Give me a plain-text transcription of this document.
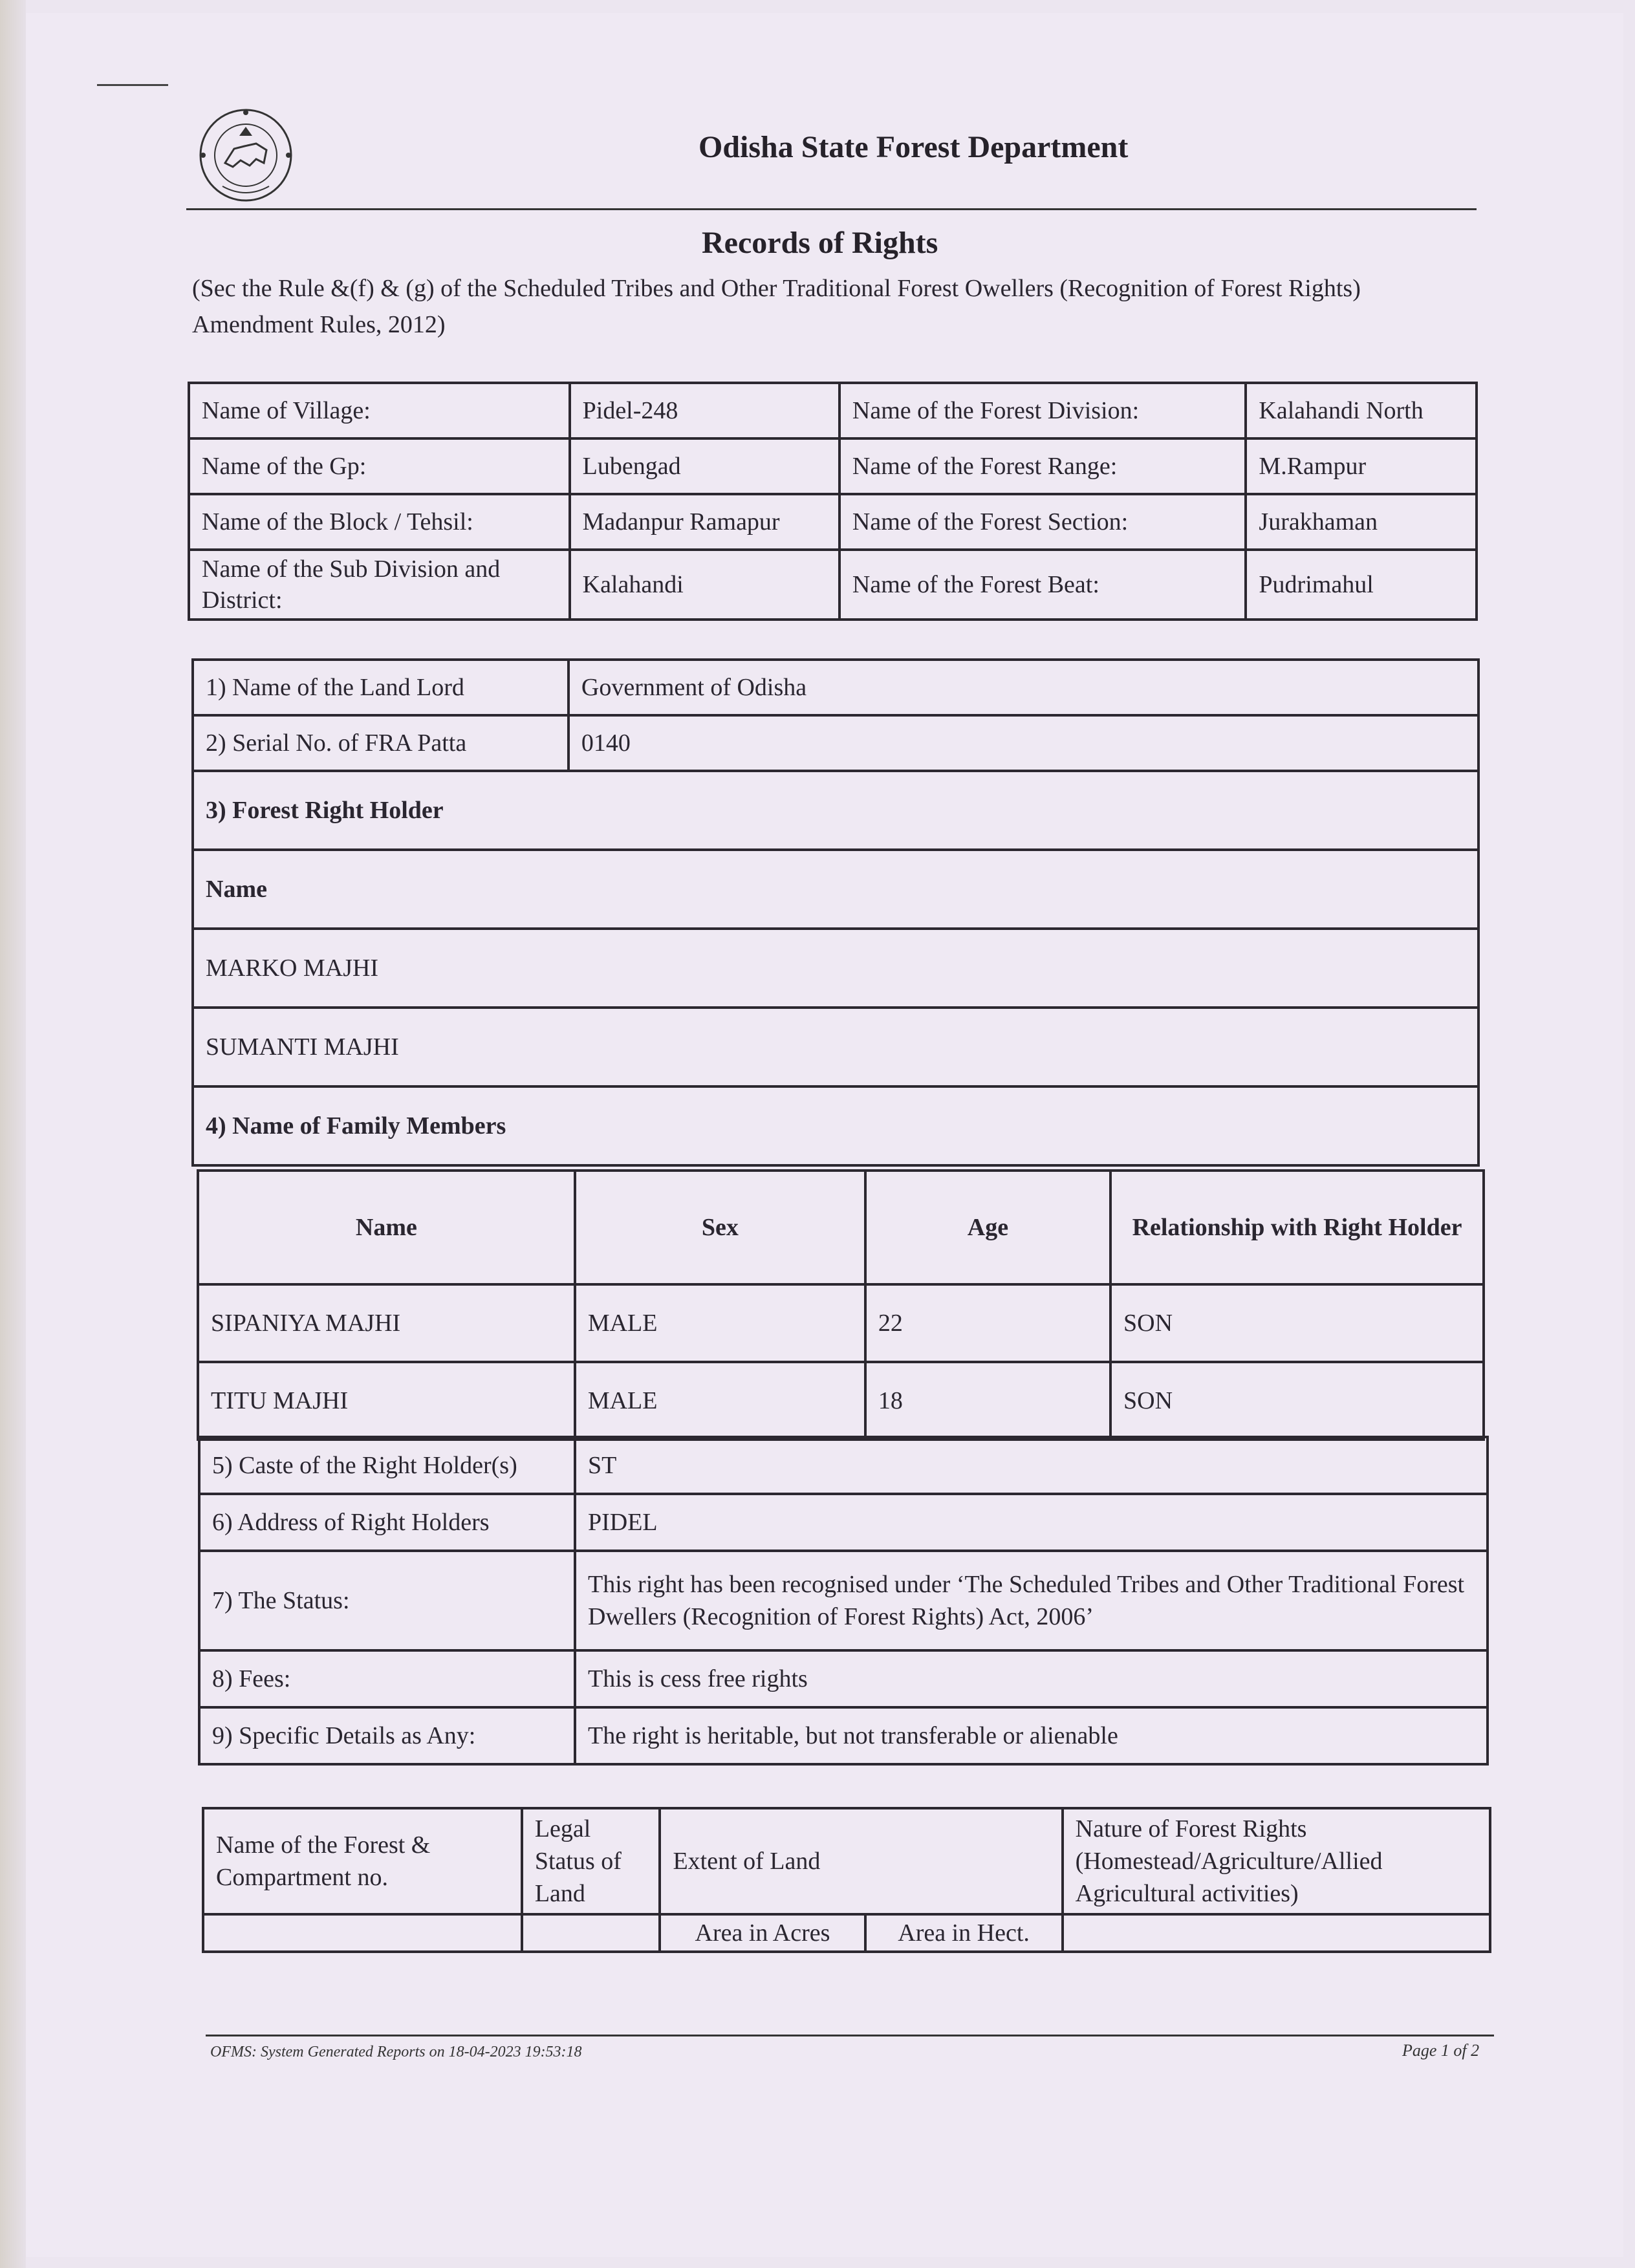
Odisha State Forest Department
Records of Rights
(Sec the Rule &(f) & (g) of the Scheduled Tribes and Other Traditional Forest Owellers (Recognition of Forest Rights) Amendment Rules, 2012)
Name of Village:	Pidel-248	Name of the Forest Division:	Kalahandi North
Name of the Gp:	Lubengad	Name of the Forest Range:	M.Rampur
Name of the Block / Tehsil:	Madanpur Ramapur	Name of the Forest Section:	Jurakhaman
Name of the Sub Division and District:	Kalahandi	Name of the Forest Beat:	Pudrimahul
1) Name of the Land Lord	Government of Odisha
2) Serial No. of FRA Patta	0140
3) Forest Right Holder	
Name	
MARKO MAJHI	
SUMANTI MAJHI	
4) Name of Family Members	
Name	Sex	Age	Relationship with Right Holder
SIPANIYA MAJHI	MALE	22	SON
TITU MAJHI	MALE	18	SON
5) Caste of the Right Holder(s)	ST
6) Address of Right Holders	PIDEL
7) The Status:	This right has been recognised under ‘The Scheduled Tribes and Other Traditional Forest Dwellers (Recognition of Forest Rights) Act, 2006’
8) Fees:	This is cess free rights
9) Specific Details as Any:	The right is heritable, but not transferable or alienable
Name of the Forest & Compartment no.	Legal Status of Land	Extent of Land		Nature of Forest Rights (Homestead/Agriculture/Allied Agricultural activities)
		Area in Acres	Area in Hect.	
OFMS: System Generated Reports on 18-04-2023 19:53:18	Page 1 of 2
